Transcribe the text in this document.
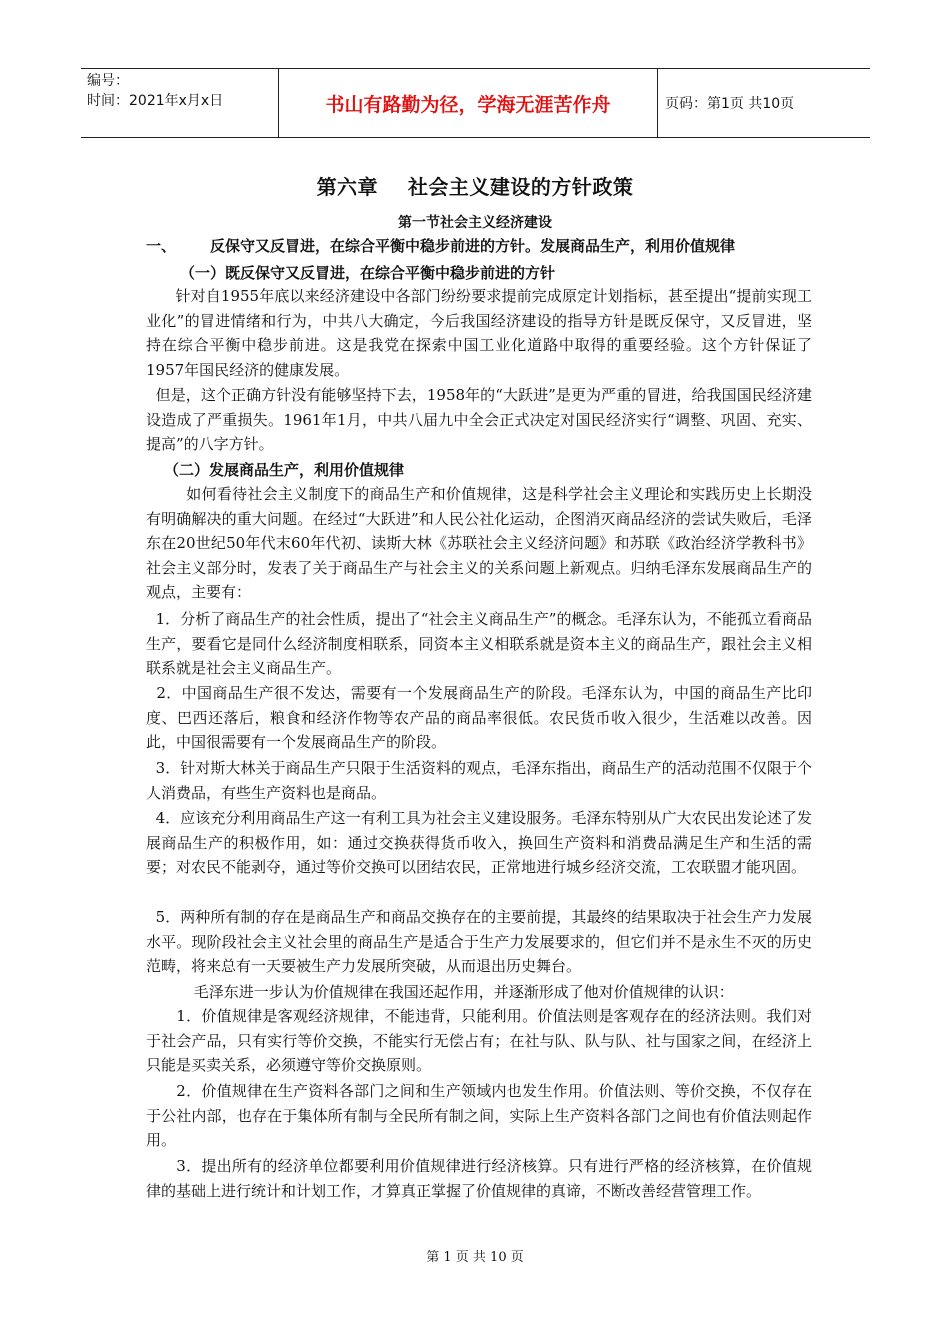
编号：
时间：2021年x月x日	书山有路勤为径，学海无涯苦作舟	页码：第1页 共10页
第六章    社会主义建设的方针政策
第一节社会主义经济建设
一、 反保守又反冒进，在综合平衡中稳步前进的方针。发展商品生产，利用价值规律
（一）既反保守又反冒进，在综合平衡中稳步前进的方针
针对自1955年底以来经济建设中各部门纷纷要求提前完成原定计划指标，甚至提出“提前实现工业化”的冒进情绪和行为，中共八大确定，今后我国经济建设的指导方针是既反保守，又反冒进，坚持在综合平衡中稳步前进。这是我党在探索中国工业化道路中取得的重要经验。这个方针保证了1957年国民经济的健康发展。
但是，这个正确方针没有能够坚持下去，1958年的“大跃进”是更为严重的冒进，给我国国民经济建设造成了严重损失。1961年1月，中共八届九中全会正式决定对国民经济实行“调整、巩固、充实、提高”的八字方针。
（二）发展商品生产，利用价值规律
如何看待社会主义制度下的商品生产和价值规律，这是科学社会主义理论和实践历史上长期没有明确解决的重大问题。在经过“大跃进”和人民公社化运动，企图消灭商品经济的尝试失败后，毛泽东在20世纪50年代末60年代初、读斯大林《苏联社会主义经济问题》和苏联《政治经济学教科书》社会主义部分时，发表了关于商品生产与社会主义的关系问题上新观点。归纳毛泽东发展商品生产的观点，主要有：
1．分析了商品生产的社会性质，提出了“社会主义商品生产”的概念。毛泽东认为，不能孤立看商品生产，要看它是同什么经济制度相联系，同资本主义相联系就是资本主义的商品生产，跟社会主义相联系就是社会主义商品生产。
2．中国商品生产很不发达，需要有一个发展商品生产的阶段。毛泽东认为，中国的商品生产比印度、巴西还落后，粮食和经济作物等农产品的商品率很低。农民货币收入很少，生活难以改善。因此，中国很需要有一个发展商品生产的阶段。
3．针对斯大林关于商品生产只限于生活资料的观点，毛泽东指出，商品生产的活动范围不仅限于个人消费品，有些生产资料也是商品。
4．应该充分利用商品生产这一有利工具为社会主义建设服务。毛泽东特别从广大农民出发论述了发展商品生产的积极作用，如：通过交换获得货币收入，换回生产资料和消费品满足生产和生活的需要；对农民不能剥夺，通过等价交换可以团结农民，正常地进行城乡经济交流，工农联盟才能巩固。
5．两种所有制的存在是商品生产和商品交换存在的主要前提，其最终的结果取决于社会生产力发展水平。现阶段社会主义社会里的商品生产是适合于生产力发展要求的，但它们并不是永生不灭的历史范畴，将来总有一天要被生产力发展所突破，从而退出历史舞台。
毛泽东进一步认为价值规律在我国还起作用，并逐渐形成了他对价值规律的认识：
1．价值规律是客观经济规律，不能违背，只能利用。价值法则是客观存在的经济法则。我们对于社会产品，只有实行等价交换，不能实行无偿占有；在社与队、队与队、社与国家之间，在经济上只能是买卖关系，必须遵守等价交换原则。
2．价值规律在生产资料各部门之间和生产领域内也发生作用。价值法则、等价交换，不仅存在于公社内部，也存在于集体所有制与全民所有制之间，实际上生产资料各部门之间也有价值法则起作用。
3．提出所有的经济单位都要利用价值规律进行经济核算。只有进行严格的经济核算，在价值规律的基础上进行统计和计划工作，才算真正掌握了价值规律的真谛，不断改善经营管理工作。
第 1 页 共 10 页
